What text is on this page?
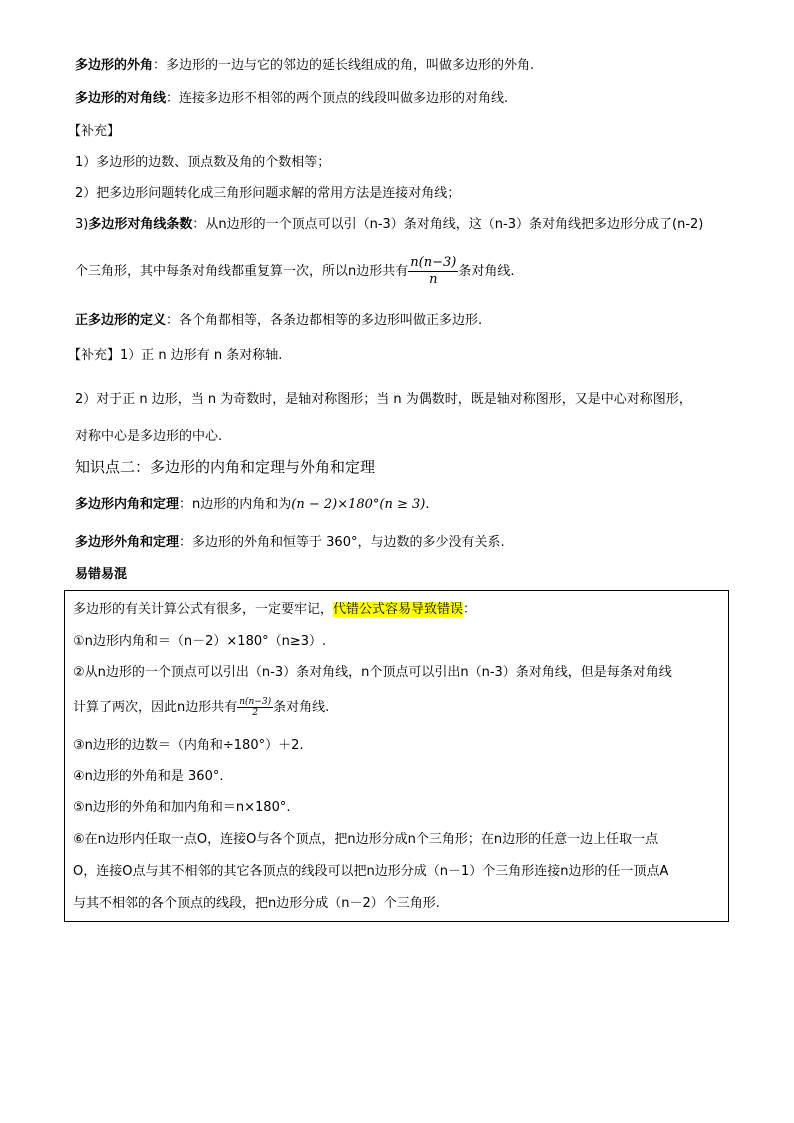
多边形的外角：多边形的一边与它的邻边的延长线组成的角，叫做多边形的外角.
多边形的对角线：连接多边形不相邻的两个顶点的线段叫做多边形的对角线.
【补充】
1）多边形的边数、顶点数及角的个数相等；
2）把多边形问题转化成三角形问题求解的常用方法是连接对角线；
3)多边形对角线条数：从n边形的一个顶点可以引（n-3）条对角线，这（n-3）条对角线把多边形分成了(n-2)
个三角形，其中每条对角线都重复算一次，所以n边形共有 $\frac{n(n-3)}{n}$ 条对角线.
正多边形的定义：各个角都相等，各条边都相等的多边形叫做正多边形.
【补充】1）正 n 边形有 n 条对称轴.
2）对于正 n 边形，当 n 为奇数时，是轴对称图形；当 n 为偶数时，既是轴对称图形，又是中心对称图形，
对称中心是多边形的中心.
知识点二：多边形的内角和定理与外角和定理
多边形内角和定理：n边形的内角和为(n − 2)×180°(n ≥ 3).
多边形外角和定理：多边形的外角和恒等于 360°，与边数的多少没有关系.
易错易混
多边形的有关计算公式有很多，一定要牢记，代错公式容易导致错误：
①n边形内角和＝（n－2）×180°（n≥3）.
②从n边形的一个顶点可以引出（n-3）条对角线，n个顶点可以引出n（n-3）条对角线，但是每条对角线
计算了两次，因此n边形共有 $\frac{n(n-3)}{2}$ 条对角线.
③n边形的边数＝（内角和÷180°）＋2.
④n边形的外角和是 360°.
⑤n边形的外角和加内角和＝n×180°.
⑥在n边形内任取一点O，连接O与各个顶点，把n边形分成n个三角形；在n边形的任意一边上任取一点
O，连接O点与其不相邻的其它各顶点的线段可以把n边形分成（n－1）个三角形连接n边形的任一顶点A
与其不相邻的各个顶点的线段，把n边形分成（n－2）个三角形.
